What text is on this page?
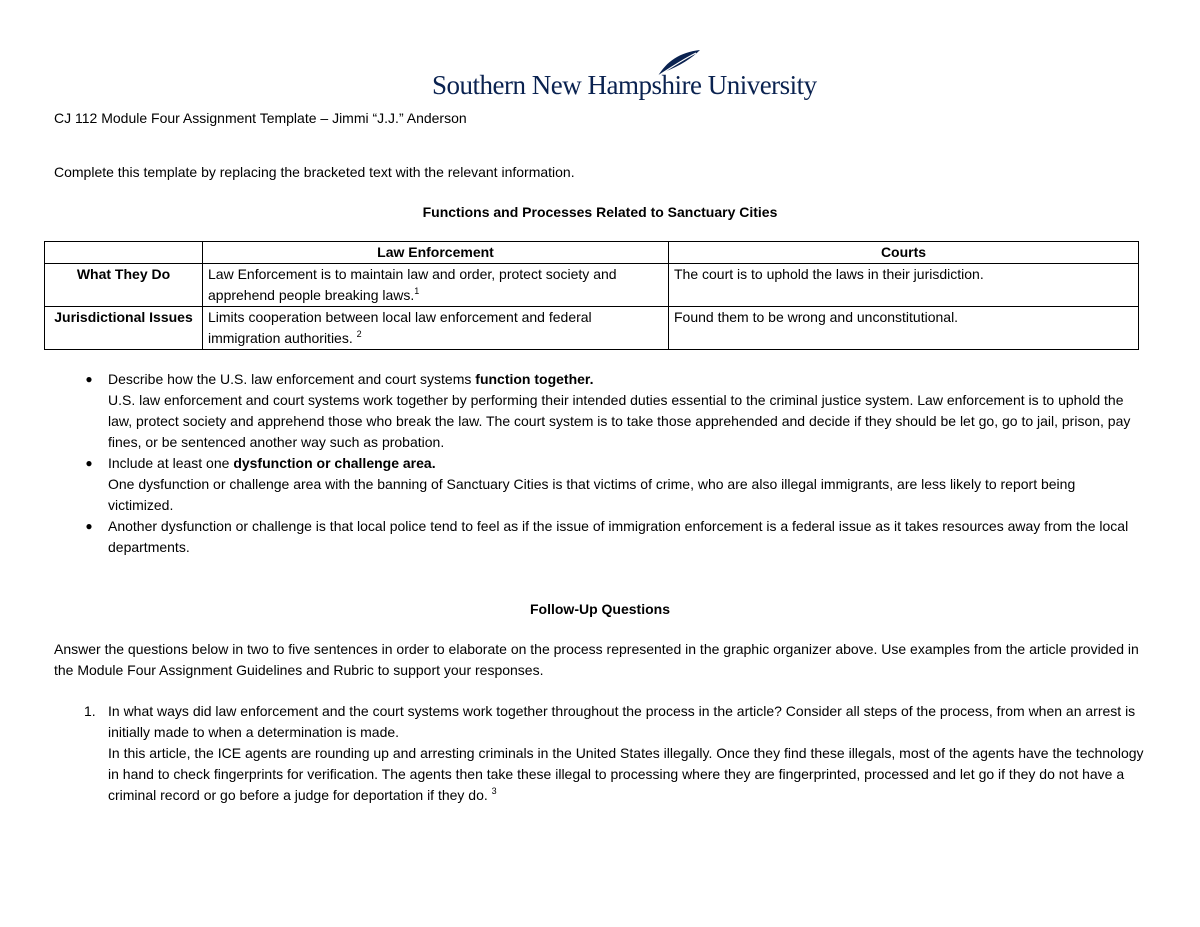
Southern New Hampshire University
CJ 112 Module Four Assignment Template – Jimmi “J.J.” Anderson
Complete this template by replacing the bracketed text with the relevant information.
Functions and Processes Related to Sanctuary Cities
	Law Enforcement	Courts
What They Do	Law Enforcement is to maintain law and order, protect society and apprehend people breaking laws.$^1$	The court is to uphold the laws in their jurisdiction.
Jurisdictional Issues	Limits cooperation between local law enforcement and federal immigration authorities. $^2$	Found them to be wrong and unconstitutional.
● Describe how the U.S. law enforcement and court systems function together.
U.S. law enforcement and court systems work together by performing their intended duties essential to the criminal justice system. Law enforcement is to uphold the law, protect society and apprehend those who break the law. The court system is to take those apprehended and decide if they should be let go, go to jail, prison, pay fines, or be sentenced another way such as probation.
● Include at least one dysfunction or challenge area.
One dysfunction or challenge area with the banning of Sanctuary Cities is that victims of crime, who are also illegal immigrants, are less likely to report being victimized.
● Another dysfunction or challenge is that local police tend to feel as if the issue of immigration enforcement is a federal issue as it takes resources away from the local departments.
Follow-Up Questions
Answer the questions below in two to five sentences in order to elaborate on the process represented in the graphic organizer above. Use examples from the article provided in the Module Four Assignment Guidelines and Rubric to support your responses.
1. In what ways did law enforcement and the court systems work together throughout the process in the article? Consider all steps of the process, from when an arrest is initially made to when a determination is made.
In this article, the ICE agents are rounding up and arresting criminals in the United States illegally. Once they find these illegals, most of the agents have the technology in hand to check fingerprints for verification. The agents then take these illegal to processing where they are fingerprinted, processed and let go if they do not have a criminal record or go before a judge for deportation if they do. $^3$
